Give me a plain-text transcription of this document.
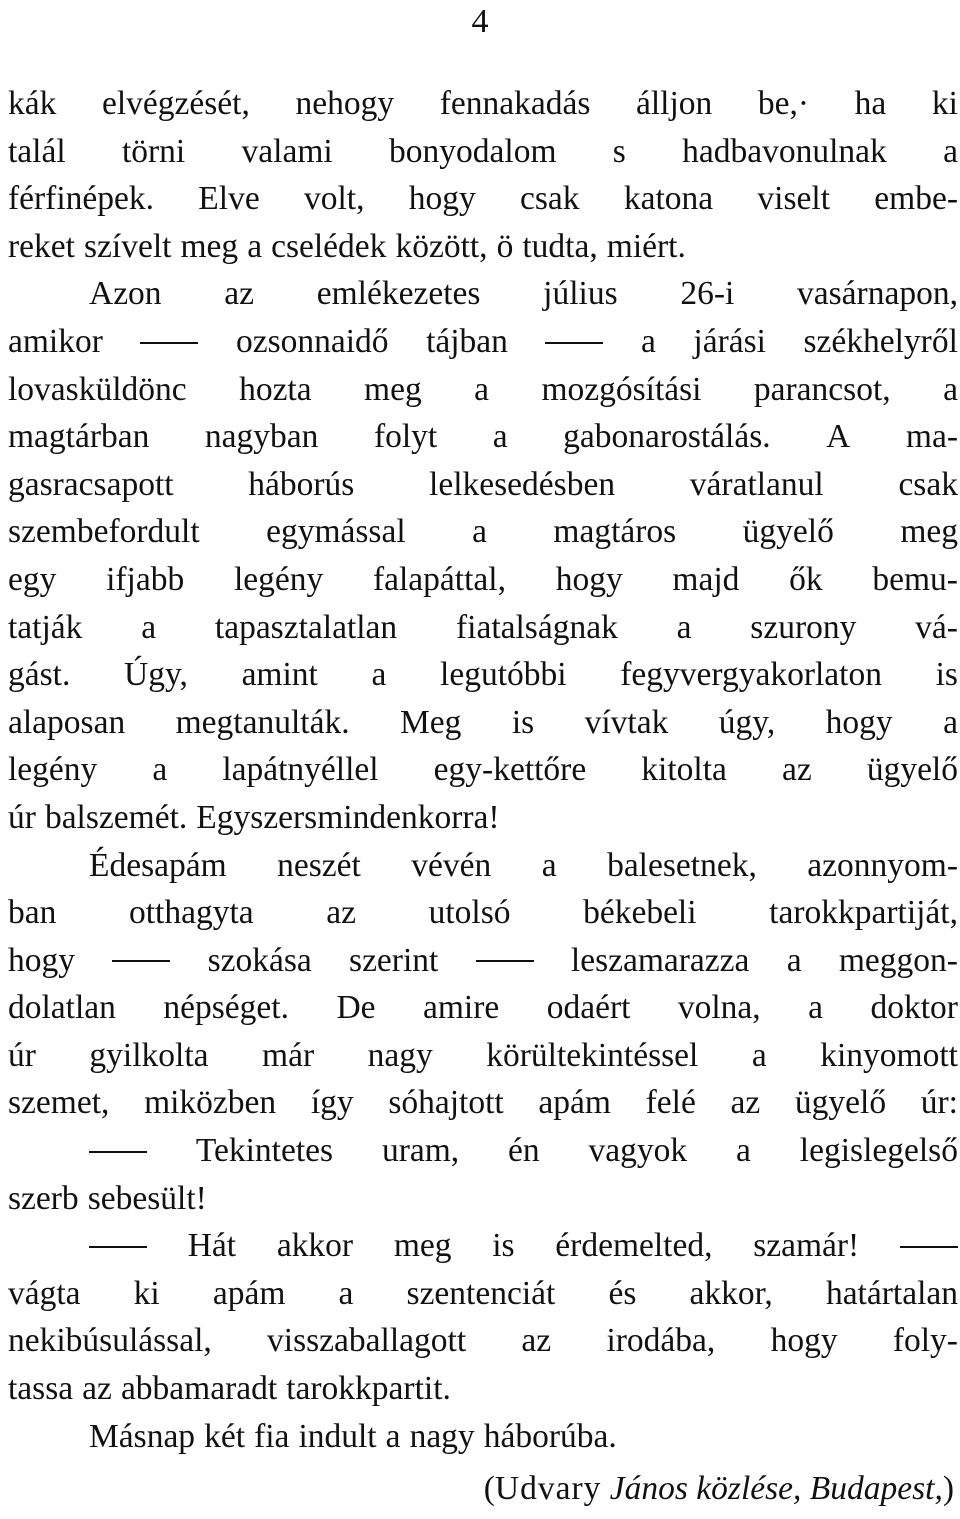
4
kák elvégzését, nehogy fennakadás álljon be,· ha ki
talál törni valami bonyodalom s hadbavonulnak a
férfinépek. Elve volt, hogy csak katona viselt embe-
reket szívelt meg a cselédek között, ö tudta, miért.
Azon az emlékezetes július 26-i vasárnapon,
amikor	ozsonnaidő tájban	a járási székhelyről
lovasküldönc hozta meg a mozgósítási parancsot, a
magtárban nagyban folyt a gabonarostálás. A ma-
gasracsapott háborús lelkesedésben váratlanul csak
szembefordult egymással a magtáros ügyelő meg
egy ifjabb legény falapáttal, hogy majd ők bemu-
tatják a tapasztalatlan fiatalságnak a szurony vá-
gást. Úgy, amint a legutóbbi fegyvergyakorlaton is
alaposan megtanulták. Meg is vívtak úgy, hogy a
legény a lapátnyéllel egy-kettőre kitolta az ügyelő
úr balszemét. Egyszersmindenkorra!
Édesapám neszét vévén a balesetnek, azonnyom-
ban otthagyta az utolsó békebeli tarokkpartiját,
hogy	szokása szerint	leszamarazza a meggon-
dolatlan népséget. De amire odaért volna, a doktor
úr gyilkolta már nagy körültekintéssel a kinyomott
szemet, miközben így sóhajtott apám felé az ügyelő úr:
Tekintetes uram, én vagyok a legislegelső
szerb sebesült!
Hát akkor meg is érdemelted, szamár!
vágta ki apám a szentenciát és akkor, határtalan
nekibúsulással, visszaballagott az irodába, hogy foly-
tassa az abbamaradt tarokkpartit.
Másnap két fia indult a nagy háborúba.
(Udvary János közlése, Budapest,)
